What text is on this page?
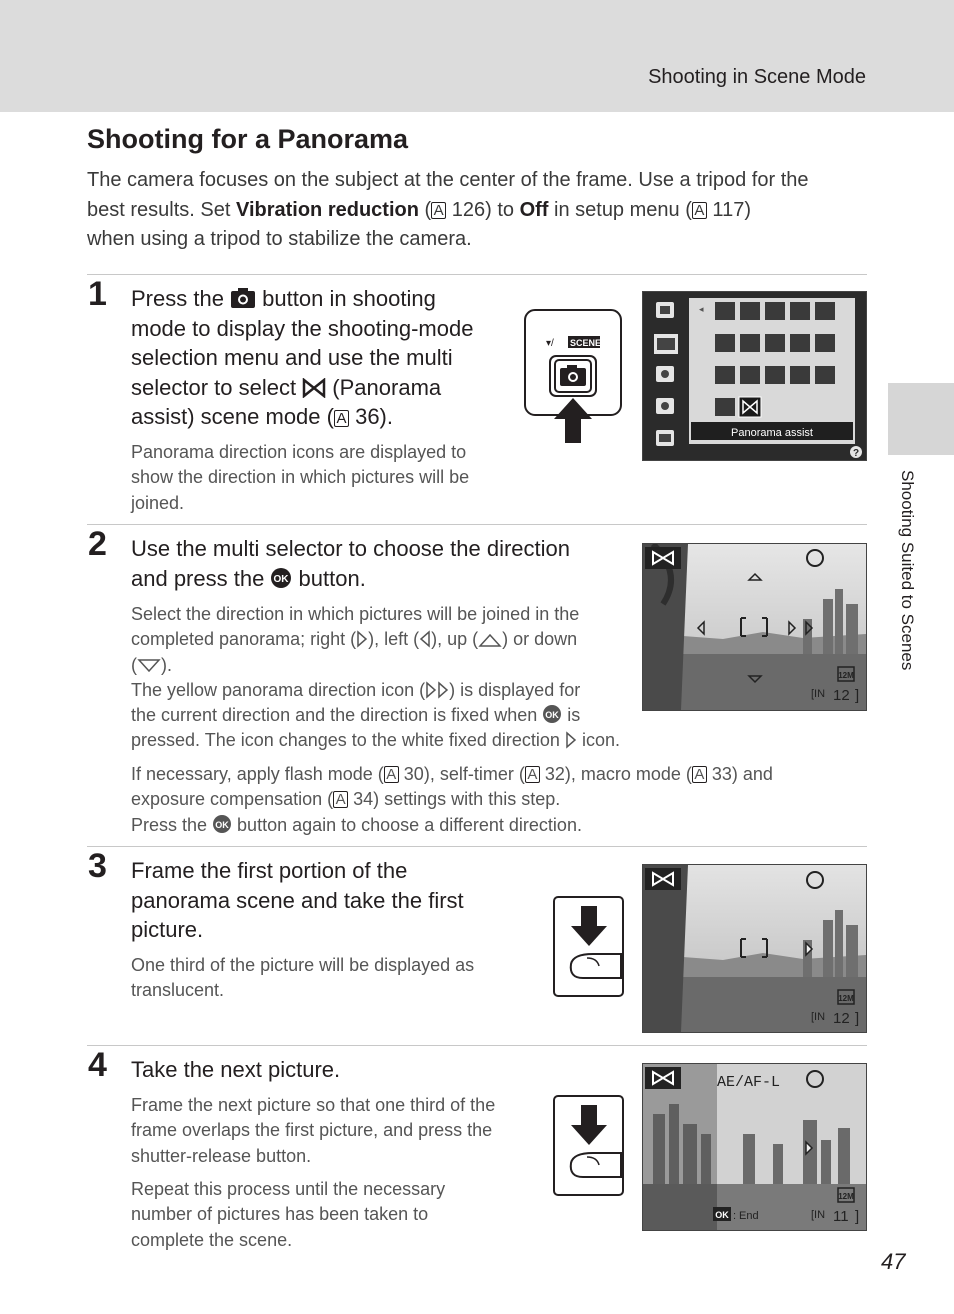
Shooting in Scene Mode
Shooting Suited to Scenes
Shooting for a Panorama
The camera focuses on the subject at the center of the frame. Use a tripod for the
best results. Set Vibration reduction ( A 126) to Off in setup menu ( A 117)
when using a tripod to stabilize the camera.
1 Press the  button in shooting
mode to display the shooting-mode
selection menu and use the multi
selector to select  (Panorama
assist) scene mode ( A 36).
Panorama direction icons are displayed to
show the direction in which pictures will be
joined.
▾/ SCENE
◂
Panorama assist
?
2 Use the multi selector to choose the direction
and press the OK button.
Select the direction in which pictures will be joined in the
completed panorama; right ( ), left ( ), up ( ) or down
( ).
The yellow panorama direction icon ( ) is displayed for
the current direction and the direction is fixed when OK is
pressed. The icon changes to the white fixed direction  icon.
If necessary, apply flash mode ( A 30), self-timer ( A 32), macro mode ( A 33) and
exposure compensation ( A 34) settings with this step.
Press the OK button again to choose a different direction.
12M
[IN 12 ]
3 Frame the first portion of the
panorama scene and take the first
picture.
One third of the picture will be displayed as
translucent.	12M
[IN 12 ]
4 Take the next picture.
Frame the next picture so that one third of the
frame overlaps the first picture, and press the
shutter-release button.
Repeat this process until the necessary
number of pictures has been taken to
complete the scene.
AE/AF-L
12M
OK : End	[IN 11 ]
47
